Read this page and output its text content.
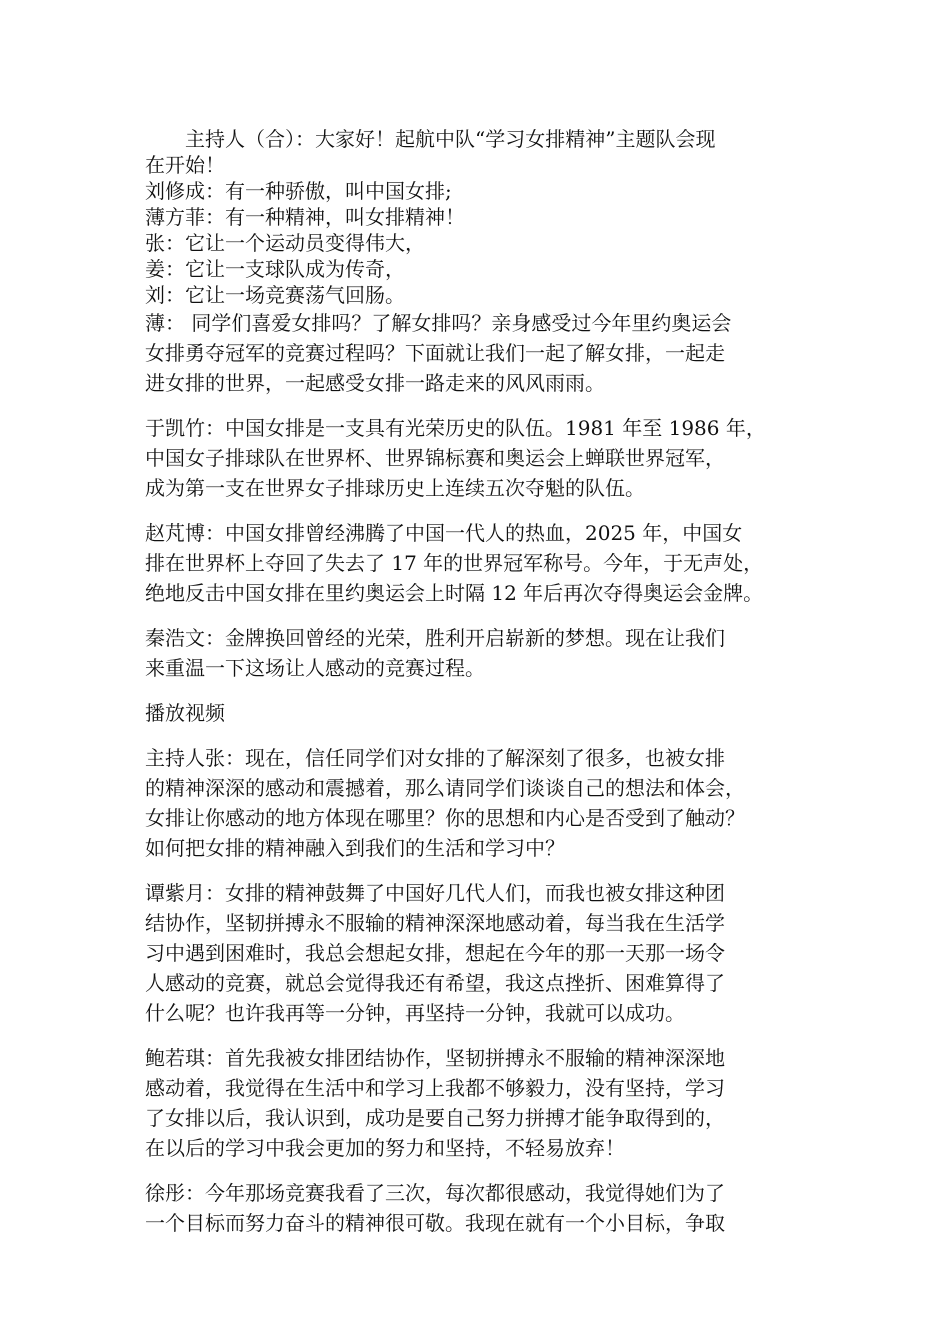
主持人（合）：大家好！起航中队“学习女排精神”主题队会现

在开始！

刘修成：有一种骄傲，叫中国女排;

薄方菲：有一种精神，叫女排精神！

张：它让一个运动员变得伟大，

姜：它让一支球队成为传奇，

刘：它让一场竞赛荡气回肠。

薄： 同学们喜爱女排吗？了解女排吗？亲身感受过今年里约奥运会
女排勇夺冠军的竞赛过程吗？下面就让我们一起了解女排，一起走
进女排的世界，一起感受女排一路走来的风风雨雨。
于凯竹：中国女排是一支具有光荣历史的队伍。1981 年至 1986 年，
中国女子排球队在世界杯、世界锦标赛和奥运会上蝉联世界冠军，
成为第一支在世界女子排球历史上连续五次夺魁的队伍。
赵芃博：中国女排曾经沸腾了中国一代人的热血，2025 年，中国女
排在世界杯上夺回了失去了 17 年的世界冠军称号。今年，于无声处，
绝地反击中国女排在里约奥运会上时隔 12 年后再次夺得奥运会金牌。
秦浩文：金牌换回曾经的光荣，胜利开启崭新的梦想。现在让我们
来重温一下这场让人感动的竞赛过程。
播放视频
主持人张：现在，信任同学们对女排的了解深刻了很多，也被女排
的精神深深的感动和震撼着，那么请同学们谈谈自己的想法和体会，
女排让你感动的地方体现在哪里？你的思想和内心是否受到了触动？
如何把女排的精神融入到我们的生活和学习中？
谭紫月：女排的精神鼓舞了中国好几代人们，而我也被女排这种团
结协作，坚韧拼搏永不服输的精神深深地感动着，每当我在生活学
习中遇到困难时，我总会想起女排，想起在今年的那一天那一场令
人感动的竞赛，就总会觉得我还有希望，我这点挫折、困难算得了
什么呢？也许我再等一分钟，再坚持一分钟，我就可以成功。
鲍若琪：首先我被女排团结协作，坚韧拼搏永不服输的精神深深地
感动着，我觉得在生活中和学习上我都不够毅力，没有坚持，学习
了女排以后，我认识到，成功是要自己努力拼搏才能争取得到的，
在以后的学习中我会更加的努力和坚持，不轻易放弃！
徐彤：今年那场竞赛我看了三次，每次都很感动，我觉得她们为了
一个目标而努力奋斗的精神很可敬。我现在就有一个小目标，争取
